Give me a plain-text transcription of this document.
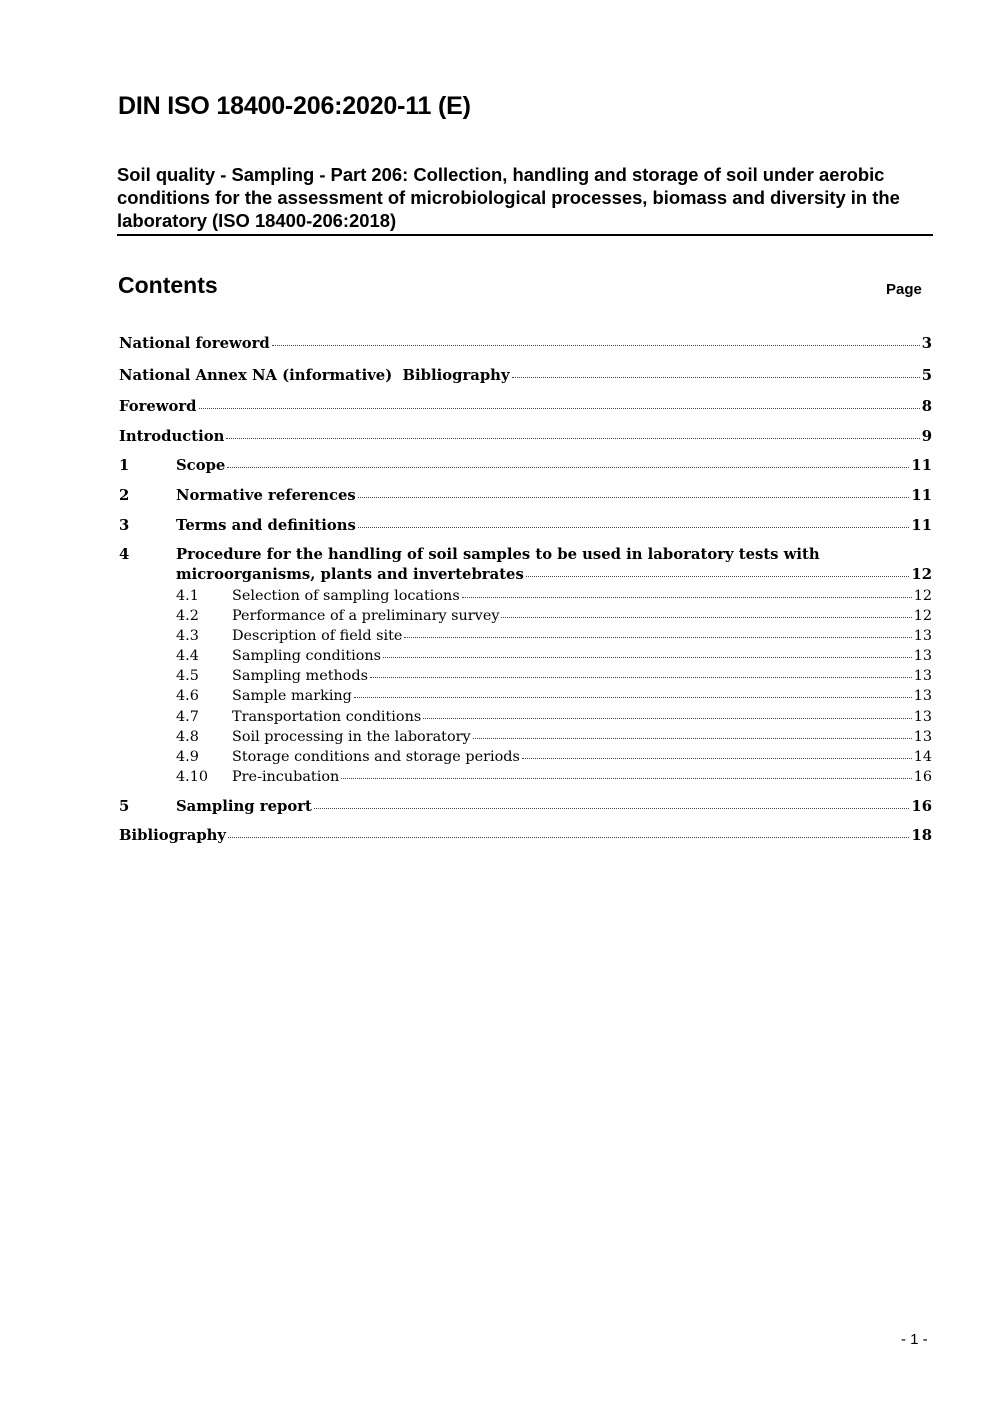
DIN ISO 18400-206:2020-11 (E)
Soil quality - Sampling - Part 206: Collection, handling and storage of soil under aerobic conditions for the assessment of microbiological processes, biomass and diversity in the laboratory (ISO 18400-206:2018)
Contents	Page
National foreword	3
National Annex NA (informative)  Bibliography	5
Foreword	8
Introduction	9
1	Scope	11
2	Normative references	11
3	Terms and definitions	11
4	Procedure for the handling of soil samples to be used in laboratory tests with
microorganisms, plants and invertebrates	12
4.1 Selection of sampling locations	12
4.2 Performance of a preliminary survey	12
4.3 Description of field site	13
4.4 Sampling conditions	13
4.5 Sampling methods	13
4.6 Sample marking	13
4.7 Transportation conditions	13
4.8 Soil processing in the laboratory	13
4.9 Storage conditions and storage periods	14
4.10 Pre-incubation	16
5	Sampling report	16
Bibliography	18
- 1 -
